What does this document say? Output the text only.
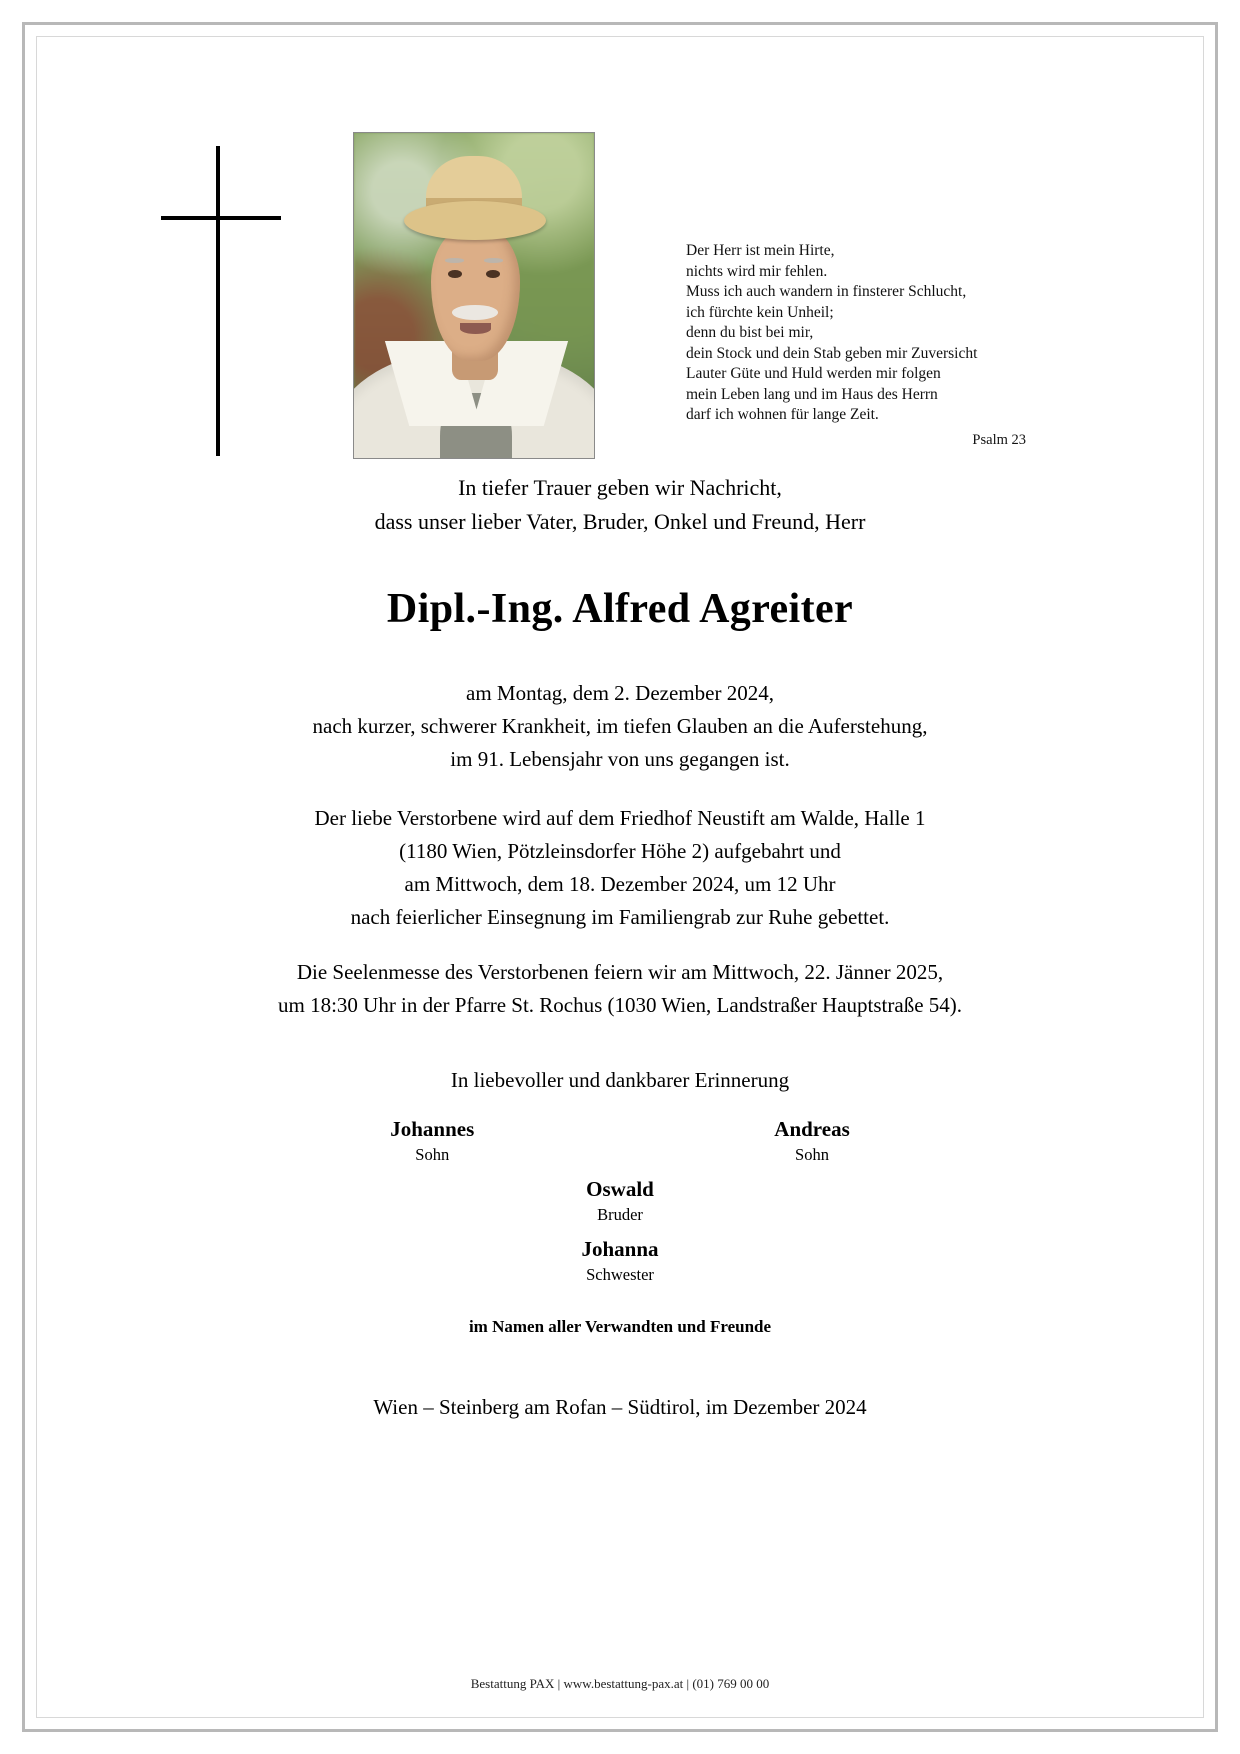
Der Herr ist mein Hirte,
nichts wird mir fehlen.
Muss ich auch wandern in finsterer Schlucht,
ich fürchte kein Unheil;
denn du bist bei mir,
dein Stock und dein Stab geben mir Zuversicht
Lauter Güte und Huld werden mir folgen
mein Leben lang und im Haus des Herrn
darf ich wohnen für lange Zeit.
Psalm 23
In tiefer Trauer geben wir Nachricht,
dass unser lieber Vater, Bruder, Onkel und Freund, Herr
Dipl.-Ing. Alfred Agreiter
am Montag, dem 2. Dezember 2024,
nach kurzer, schwerer Krankheit, im tiefen Glauben an die Auferstehung,
im 91. Lebensjahr von uns gegangen ist.
Der liebe Verstorbene wird auf dem Friedhof Neustift am Walde, Halle 1
(1180 Wien, Pötzleinsdorfer Höhe 2) aufgebahrt und
am Mittwoch, dem 18. Dezember 2024, um 12 Uhr
nach feierlicher Einsegnung im Familiengrab zur Ruhe gebettet.
Die Seelenmesse des Verstorbenen feiern wir am Mittwoch, 22. Jänner 2025,
um 18:30 Uhr in der Pfarre St. Rochus (1030 Wien, Landstraßer Hauptstraße 54).
In liebevoller und dankbarer Erinnerung
Johannes
Sohn
Andreas
Sohn
Oswald
Bruder
Johanna
Schwester
im Namen aller Verwandten und Freunde
Wien – Steinberg am Rofan – Südtirol, im Dezember 2024
Bestattung PAX | www.bestattung-pax.at | (01) 769 00 00
